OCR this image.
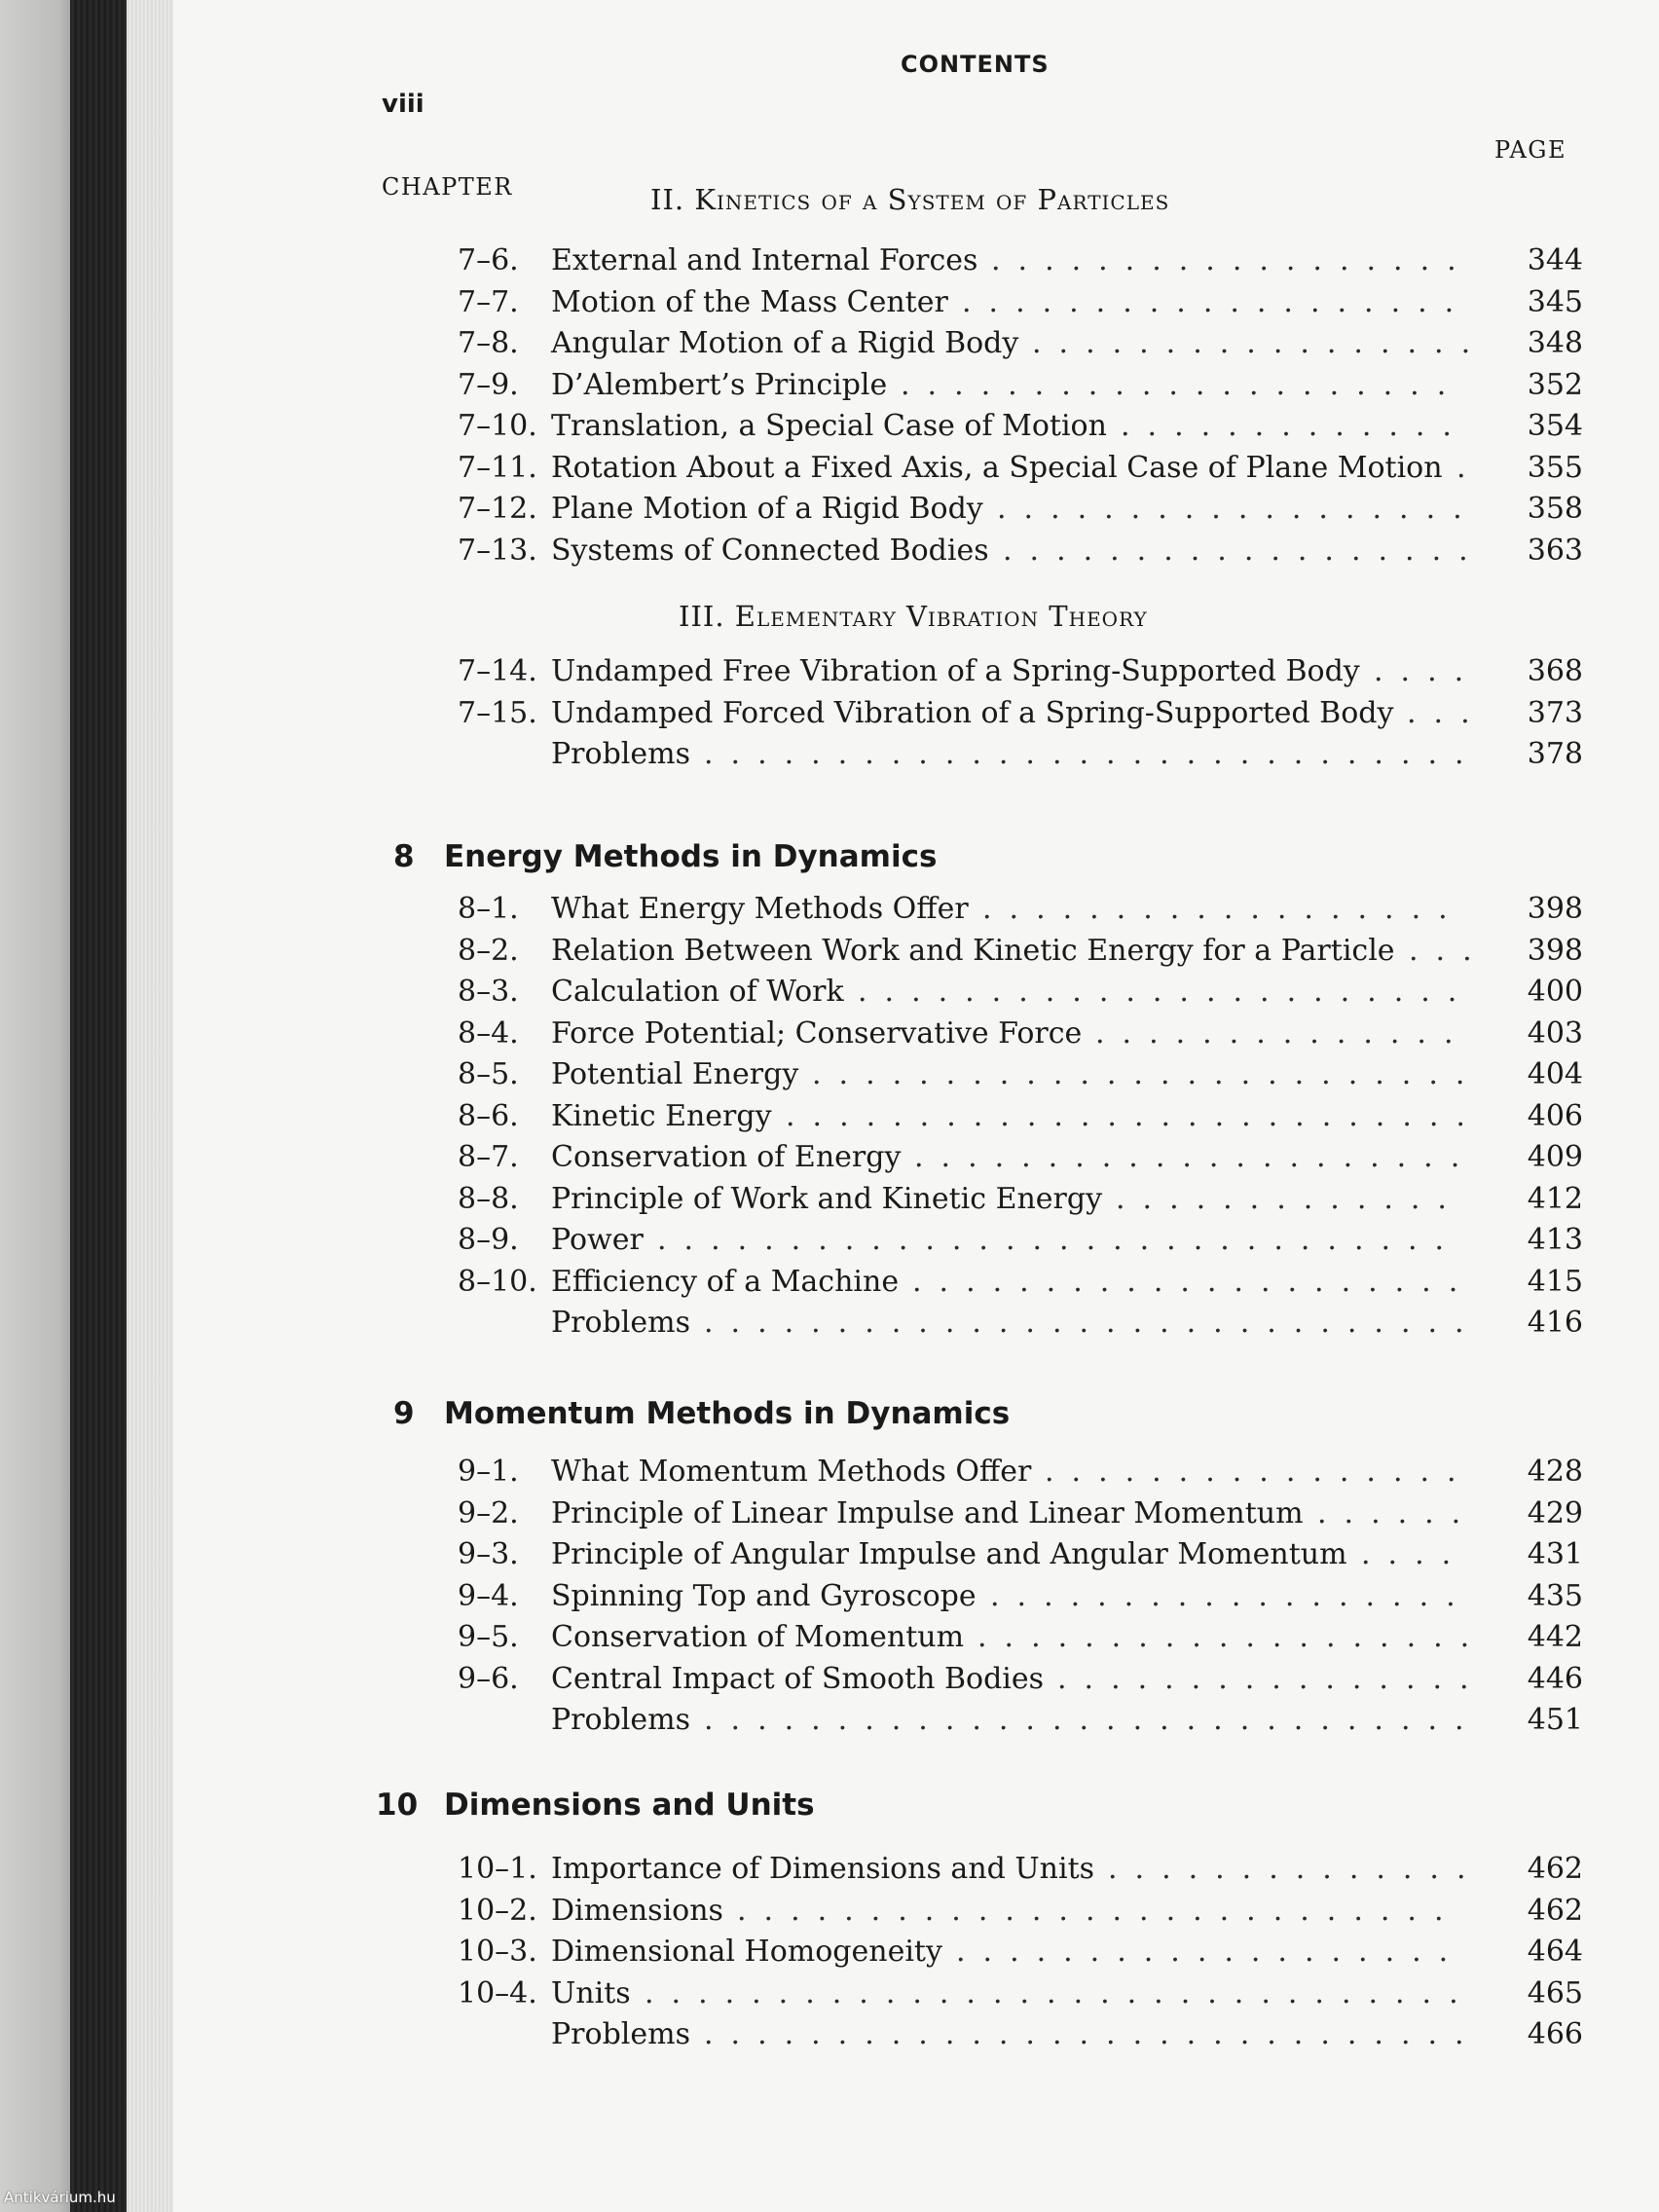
CONTENTS
viii
CHAPTER
PAGE
II. Kinetics of a System of Particles
7–6. External and Internal Forces ..................	344
7–7. Motion of the Mass Center ...................	345
7–8. Angular Motion of a Rigid Body .................	348
7–9. D’Alembert’s Principle .....................	352
7–10. Translation, a Special Case of Motion .............	354
7–11. Rotation About a Fixed Axis, a Special Case of Plane Motion .	355
7–12. Plane Motion of a Rigid Body ..................	358
7–13. Systems of Connected Bodies ..................	363
III. Elementary Vibration Theory
7–14. Undamped Free Vibration of a Spring-Supported Body ....	368
7–15. Undamped Forced Vibration of a Spring-Supported Body ...	373
Problems .............................	378
8 Energy Methods in Dynamics
8–1. What Energy Methods Offer ..................	398
8–2. Relation Between Work and Kinetic Energy for a Particle ...	398
8–3. Calculation of Work .......................	400
8–4. Force Potential; Conservative Force ..............	403
8–5. Potential Energy .........................	404
8–6. Kinetic Energy ..........................	406
8–7. Conservation of Energy .....................	409
8–8. Principle of Work and Kinetic Energy .............	412
8–9. Power ..............................	413
8–10. Efficiency of a Machine .....................	415
Problems .............................	416
9 Momentum Methods in Dynamics
9–1. What Momentum Methods Offer ................	428
9–2. Principle of Linear Impulse and Linear Momentum ......	429
9–3. Principle of Angular Impulse and Angular Momentum ....	431
9–4. Spinning Top and Gyroscope ..................	435
9–5. Conservation of Momentum ...................	442
9–6. Central Impact of Smooth Bodies ................	446
Problems .............................	451
10 Dimensions and Units
10–1. Importance of Dimensions and Units ..............	462
10–2. Dimensions ...........................	462
10–3. Dimensional Homogeneity ...................	464
10–4. Units ...............................	465
Problems .............................	466
Antikvárium.hu
